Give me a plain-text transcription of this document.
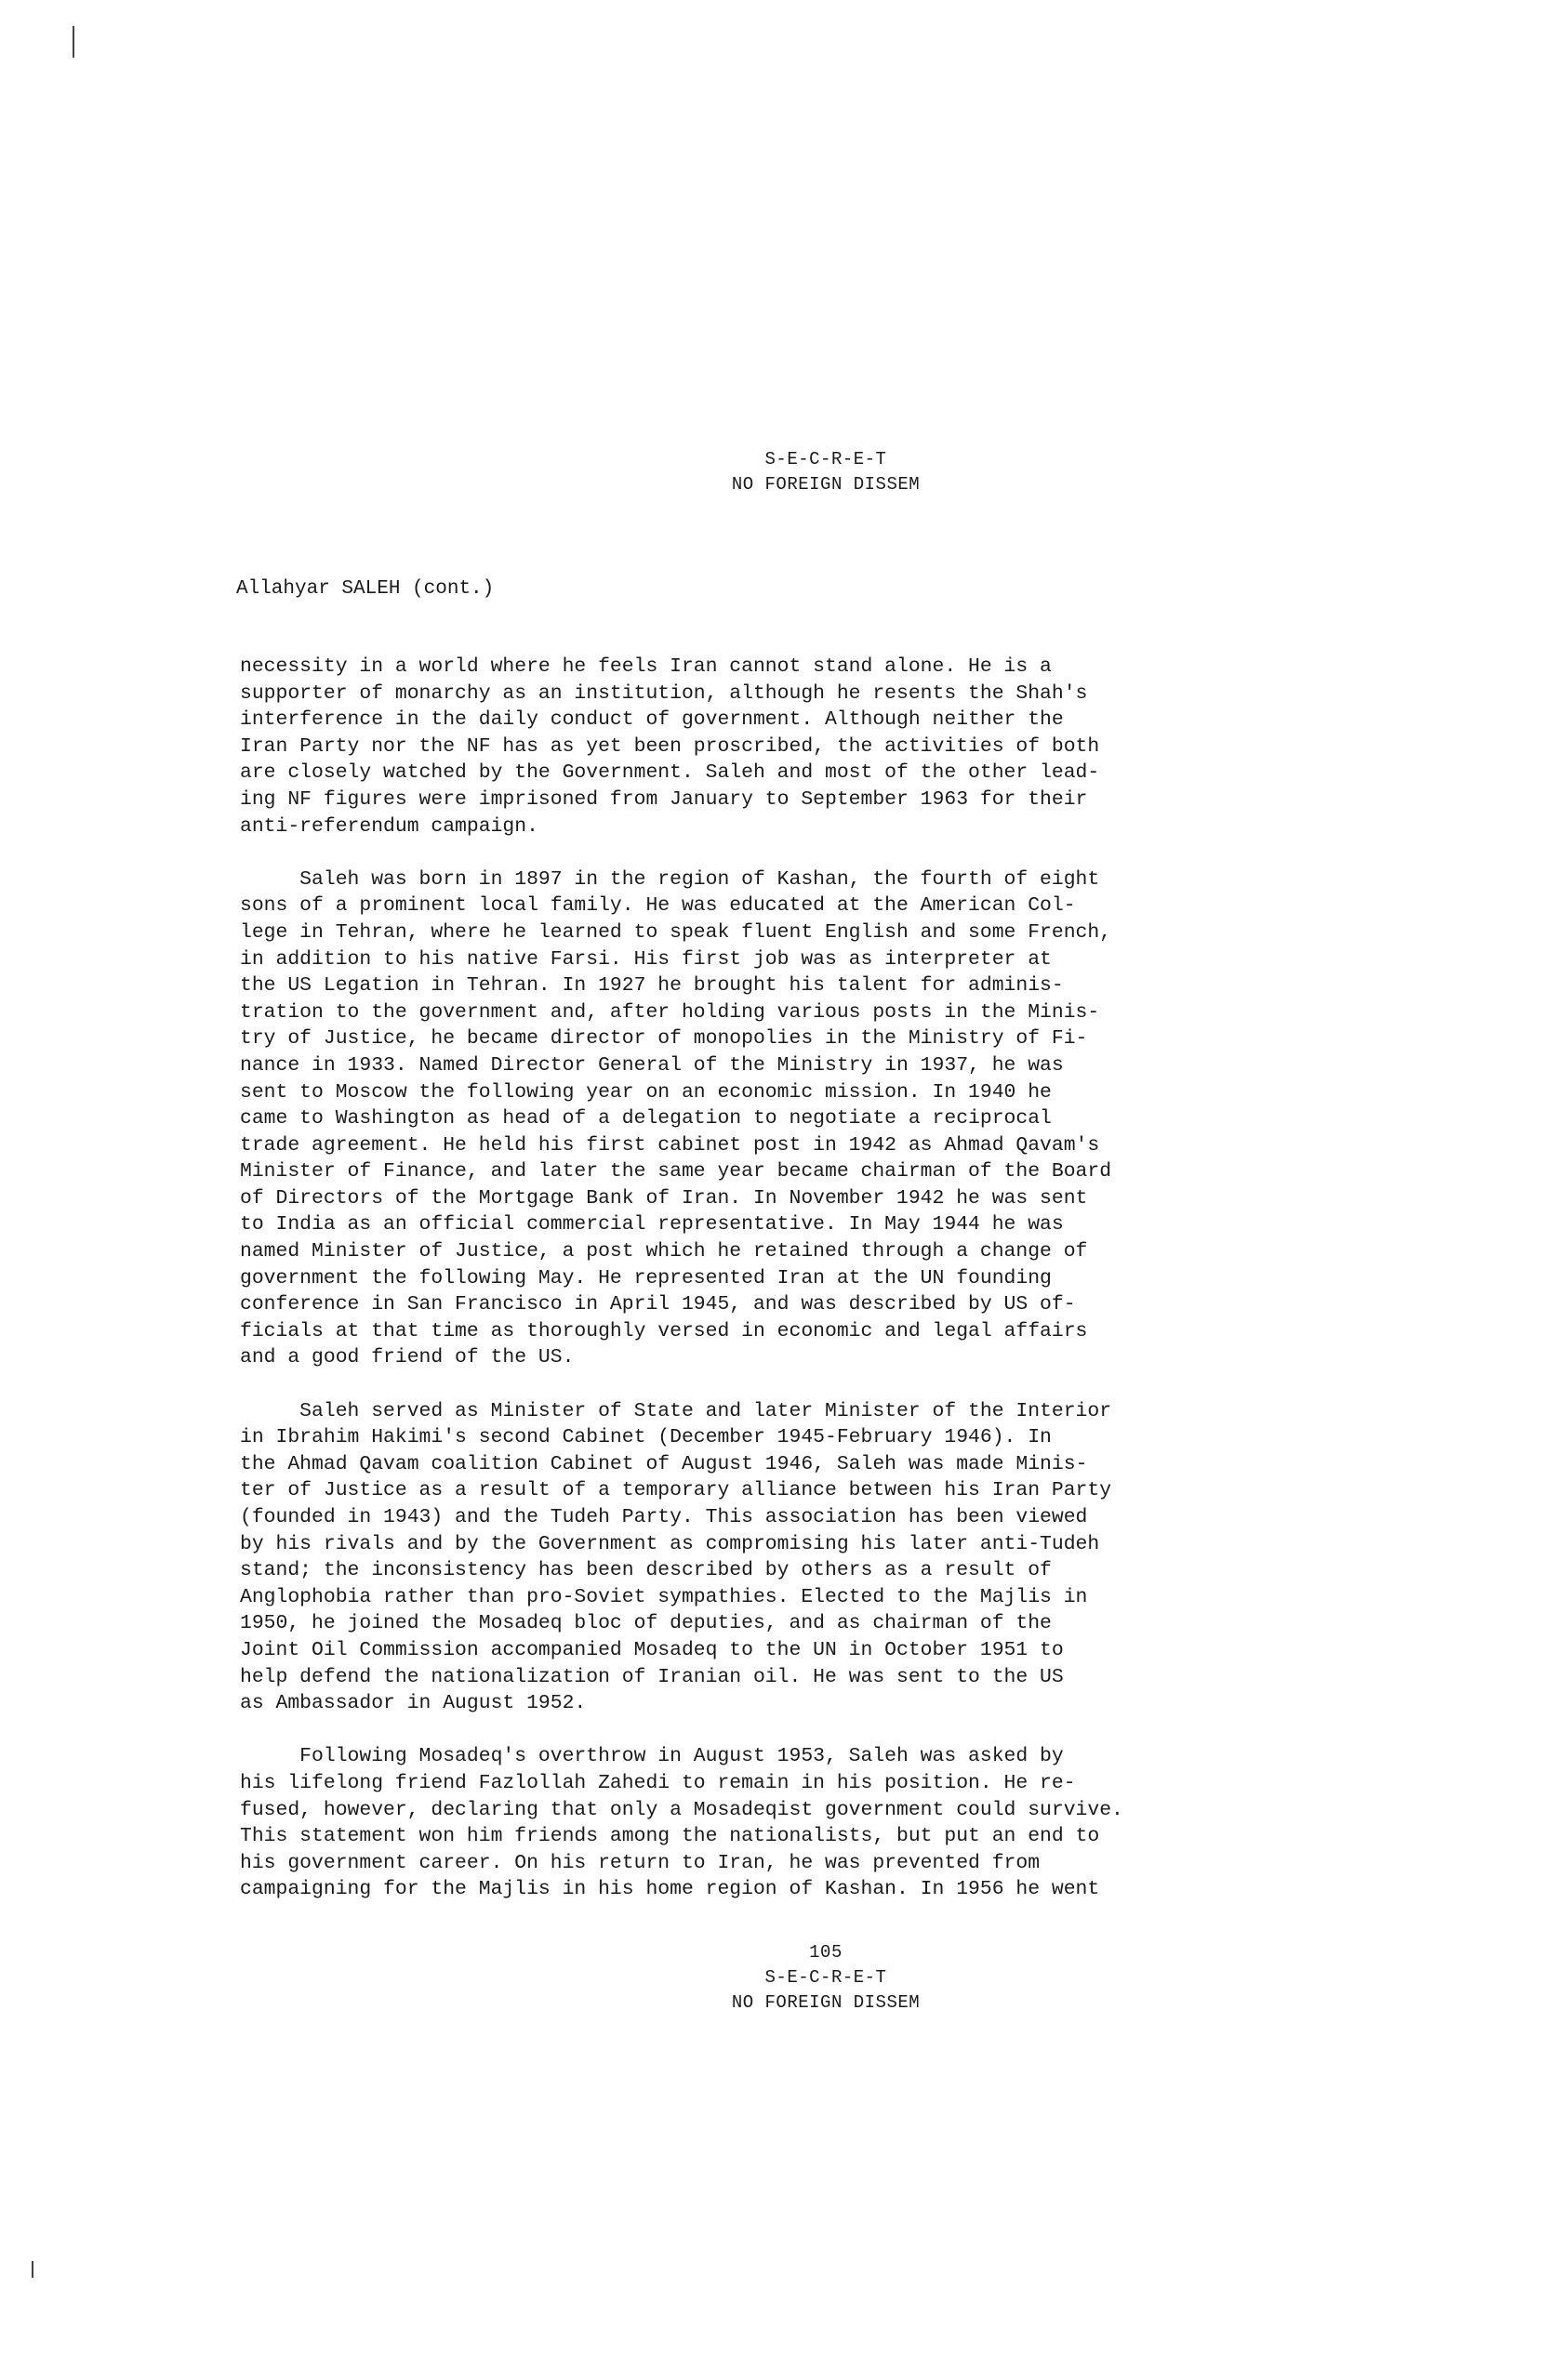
S-E-C-R-E-T
NO FOREIGN DISSEM
Allahyar SALEH (cont.)
necessity in a world where he feels Iran cannot stand alone. He is a
supporter of monarchy as an institution, although he resents the Shah's
interference in the daily conduct of government. Although neither the
Iran Party nor the NF has as yet been proscribed, the activities of both
are closely watched by the Government. Saleh and most of the other lead-
ing NF figures were imprisoned from January to September 1963 for their
anti-referendum campaign.
Saleh was born in 1897 in the region of Kashan, the fourth of eight
sons of a prominent local family. He was educated at the American Col-
lege in Tehran, where he learned to speak fluent English and some French,
in addition to his native Farsi. His first job was as interpreter at
the US Legation in Tehran. In 1927 he brought his talent for adminis-
tration to the government and, after holding various posts in the Minis-
try of Justice, he became director of monopolies in the Ministry of Fi-
nance in 1933. Named Director General of the Ministry in 1937, he was
sent to Moscow the following year on an economic mission. In 1940 he
came to Washington as head of a delegation to negotiate a reciprocal
trade agreement. He held his first cabinet post in 1942 as Ahmad Qavam's
Minister of Finance, and later the same year became chairman of the Board
of Directors of the Mortgage Bank of Iran. In November 1942 he was sent
to India as an official commercial representative. In May 1944 he was
named Minister of Justice, a post which he retained through a change of
government the following May. He represented Iran at the UN founding
conference in San Francisco in April 1945, and was described by US of-
ficials at that time as thoroughly versed in economic and legal affairs
and a good friend of the US.
Saleh served as Minister of State and later Minister of the Interior
in Ibrahim Hakimi's second Cabinet (December 1945-February 1946). In
the Ahmad Qavam coalition Cabinet of August 1946, Saleh was made Minis-
ter of Justice as a result of a temporary alliance between his Iran Party
(founded in 1943) and the Tudeh Party. This association has been viewed
by his rivals and by the Government as compromising his later anti-Tudeh
stand; the inconsistency has been described by others as a result of
Anglophobia rather than pro-Soviet sympathies. Elected to the Majlis in
1950, he joined the Mosadeq bloc of deputies, and as chairman of the
Joint Oil Commission accompanied Mosadeq to the UN in October 1951 to
help defend the nationalization of Iranian oil. He was sent to the US
as Ambassador in August 1952.
Following Mosadeq's overthrow in August 1953, Saleh was asked by
his lifelong friend Fazlollah Zahedi to remain in his position. He re-
fused, however, declaring that only a Mosadeqist government could survive.
This statement won him friends among the nationalists, but put an end to
his government career. On his return to Iran, he was prevented from
campaigning for the Majlis in his home region of Kashan. In 1956 he went
105
S-E-C-R-E-T
NO FOREIGN DISSEM
